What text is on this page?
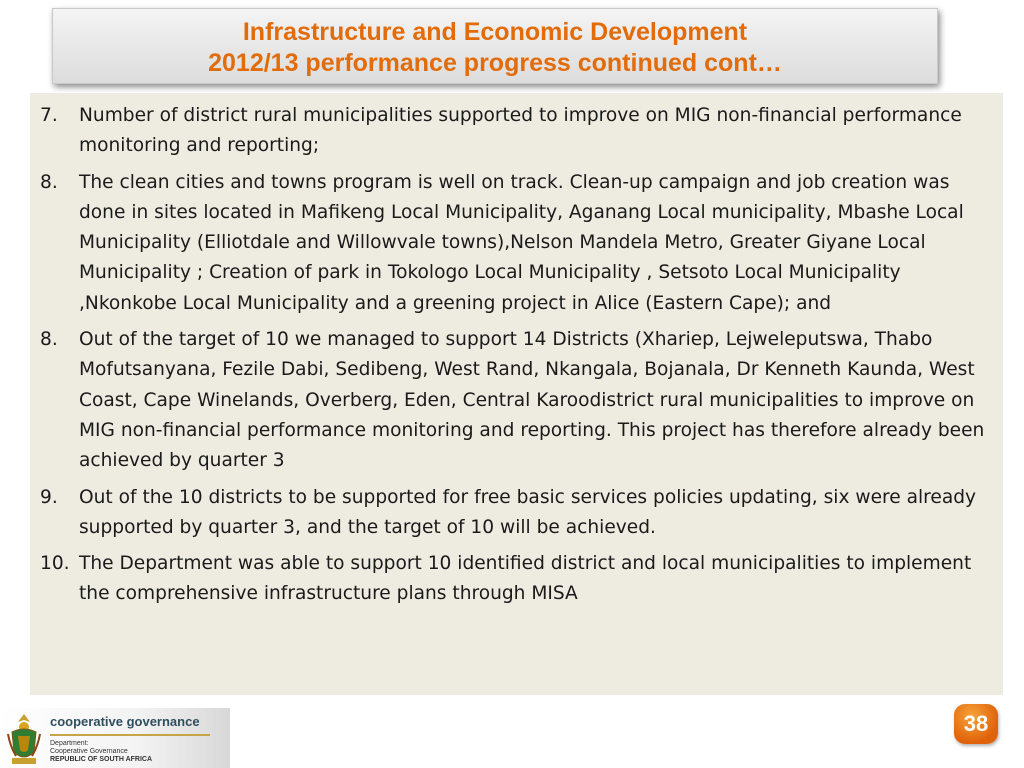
Infrastructure and Economic Development
2012/13 performance progress continued cont…
7.	Number of district rural municipalities supported to improve on MIG non-financial performance monitoring and reporting;
8.	The clean cities and towns program is well on track. Clean-up campaign and job creation was done in sites located in Mafikeng Local Municipality, Aganang Local municipality, Mbashe Local Municipality (Elliotdale and Willowvale towns),Nelson Mandela Metro, Greater Giyane Local Municipality ; Creation of park in Tokologo Local Municipality , Setsoto Local Municipality ,Nkonkobe Local Municipality and a greening project in Alice (Eastern Cape); and
8.	Out of the target of 10 we managed to support 14 Districts (Xhariep, Lejweleputswa, Thabo Mofutsanyana, Fezile Dabi, Sedibeng, West Rand, Nkangala, Bojanala, Dr Kenneth Kaunda, West Coast, Cape Winelands, Overberg, Eden, Central Karoodistrict rural municipalities to improve on MIG non-financial performance monitoring and reporting. This project has therefore already been achieved by quarter 3
9.	Out of the 10 districts to be supported for free basic services policies updating, six were already supported by quarter 3, and the target of 10 will be achieved.
10. The Department was able to support 10 identified district and local municipalities to implement the comprehensive infrastructure plans through MISA
cooperative governance
Department:
Cooperative Governance
REPUBLIC OF SOUTH AFRICA
38
